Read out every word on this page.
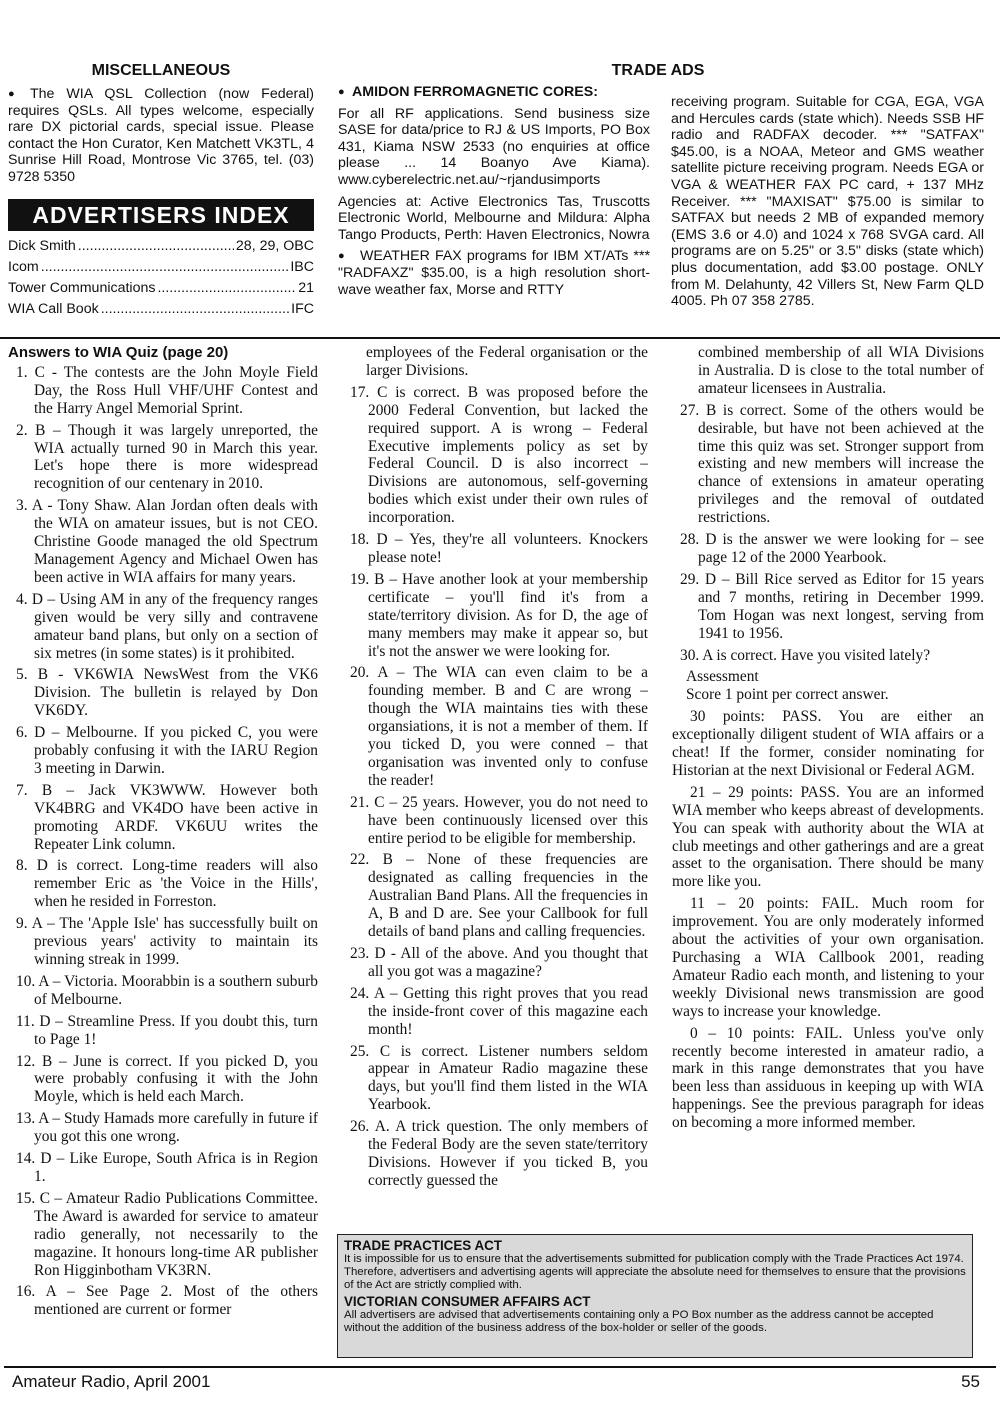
MISCELLANEOUS

● The WIA QSL Collection (now Federal) requires QSLs. All types welcome, especially rare DX pictorial cards, special issue. Please contact the Hon Curator, Ken Matchett VK3TL, 4 Sunrise Hill Road, Montrose Vic 3765, tel. (03) 9728 5350

ADVERTISERS INDEX
Dick Smith .....	28, 29, OBC
Icom .....	IBC
Tower Communications .....	21
WIA Call Book .....	IFC
TRADE ADS

● AMIDON FERROMAGNETIC CORES:

For all RF applications. Send business size SASE for data/price to RJ & US Imports, PO Box 431, Kiama NSW 2533 (no enquiries at office please ... 14 Boanyo Ave Kiama). www.cyberelectric.net.au/~rjandusimports

Agencies at: Active Electronics Tas, Truscotts Electronic World, Melbourne and Mildura: Alpha Tango Products, Perth: Haven Electronics, Nowra

● WEATHER FAX programs for IBM XT/ATs *** "RADFAXZ" $35.00, is a high resolution short-wave weather fax, Morse and RTTY

receiving program. Suitable for CGA, EGA, VGA and Hercules cards (state which). Needs SSB HF radio and RADFAX decoder. *** "SATFAX" $45.00, is a NOAA, Meteor and GMS weather satellite picture receiving program. Needs EGA or VGA & WEATHER FAX PC card, + 137 MHz Receiver. *** "MAXISAT" $75.00 is similar to SATFAX but needs 2 MB of expanded memory (EMS 3.6 or 4.0) and 1024 x 768 SVGA card. All programs are on 5.25" or 3.5" disks (state which) plus documentation, add $3.00 postage. ONLY from M. Delahunty, 42 Villers St, New Farm QLD 4005. Ph 07 358 2785.

Answers to WIA Quiz (page 20)

1. C - The contests are the John Moyle Field Day, the Ross Hull VHF/UHF Contest and the Harry Angel Memorial Sprint.

2. B – Though it was largely unreported, the WIA actually turned 90 in March this year. Let's hope there is more widespread recognition of our centenary in 2010.

3. A - Tony Shaw. Alan Jordan often deals with the WIA on amateur issues, but is not CEO. Christine Goode managed the old Spectrum Management Agency and Michael Owen has been active in WIA affairs for many years.

4. D – Using AM in any of the frequency ranges given would be very silly and contravene amateur band plans, but only on a section of six metres (in some states) is it prohibited.

5. B - VK6WIA NewsWest from the VK6 Division. The bulletin is relayed by Don VK6DY.

6. D – Melbourne. If you picked C, you were probably confusing it with the IARU Region 3 meeting in Darwin.

7. B – Jack VK3WWW. However both VK4BRG and VK4DO have been active in promoting ARDF. VK6UU writes the Repeater Link column.

8. D is correct. Long-time readers will also remember Eric as 'the Voice in the Hills', when he resided in Forreston.

9. A – The 'Apple Isle' has successfully built on previous years' activity to maintain its winning streak in 1999.

10. A – Victoria. Moorabbin is a southern suburb of Melbourne.

11. D – Streamline Press. If you doubt this, turn to Page 1!

12. B – June is correct. If you picked D, you were probably confusing it with the John Moyle, which is held each March.

13. A – Study Hamads more carefully in future if you got this one wrong.

14. D – Like Europe, South Africa is in Region 1.

15. C – Amateur Radio Publications Committee. The Award is awarded for service to amateur radio generally, not necessarily to the magazine. It honours long-time AR publisher Ron Higginbotham VK3RN.

16. A – See Page 2. Most of the others mentioned are current or former

employees of the Federal organisation or the larger Divisions.

17. C is correct. B was proposed before the 2000 Federal Convention, but lacked the required support. A is wrong – Federal Executive implements policy as set by Federal Council. D is also incorrect – Divisions are autonomous, self-governing bodies which exist under their own rules of incorporation.

18. D – Yes, they're all volunteers. Knockers please note!

19. B – Have another look at your membership certificate – you'll find it's from a state/territory division. As for D, the age of many members may make it appear so, but it's not the answer we were looking for.

20. A – The WIA can even claim to be a founding member. B and C are wrong – though the WIA maintains ties with these organsiations, it is not a member of them. If you ticked D, you were conned – that organisation was invented only to confuse the reader!

21. C – 25 years. However, you do not need to have been continuously licensed over this entire period to be eligible for membership.

22. B – None of these frequencies are designated as calling frequencies in the Australian Band Plans. All the frequencies in A, B and D are. See your Callbook for full details of band plans and calling frequencies.

23. D - All of the above. And you thought that all you got was a magazine?

24. A – Getting this right proves that you read the inside-front cover of this magazine each month!

25. C is correct. Listener numbers seldom appear in Amateur Radio magazine these days, but you'll find them listed in the WIA Yearbook.

26. A. A trick question. The only members of the Federal Body are the seven state/territory Divisions. However if you ticked B, you correctly guessed the

combined membership of all WIA Divisions in Australia. D is close to the total number of amateur licensees in Australia.

27. B is correct. Some of the others would be desirable, but have not been achieved at the time this quiz was set. Stronger support from existing and new members will increase the chance of extensions in amateur operating privileges and the removal of outdated restrictions.

28. D is the answer we were looking for – see page 12 of the 2000 Yearbook.

29. D – Bill Rice served as Editor for 15 years and 7 months, retiring in December 1999. Tom Hogan was next longest, serving from 1941 to 1956.

30. A is correct. Have you visited lately?

Assessment

Score 1 point per correct answer.

30 points: PASS. You are either an exceptionally diligent student of WIA affairs or a cheat! If the former, consider nominating for Historian at the next Divisional or Federal AGM.

21 – 29 points: PASS. You are an informed WIA member who keeps abreast of developments. You can speak with authority about the WIA at club meetings and other gatherings and are a great asset to the organisation. There should be many more like you.

11 – 20 points: FAIL. Much room for improvement. You are only moderately informed about the activities of your own organisation. Purchasing a WIA Callbook 2001, reading Amateur Radio each month, and listening to your weekly Divisional news transmission are good ways to increase your knowledge.

0 – 10 points: FAIL. Unless you've only recently become interested in amateur radio, a mark in this range demonstrates that you have been less than assiduous in keeping up with WIA happenings. See the previous paragraph for ideas on becoming a more informed member.

TRADE PRACTICES ACT

It is impossible for us to ensure that the advertisements submitted for publication comply with the Trade Practices Act 1974. Therefore, advertisers and advertising agents will appreciate the absolute need for themselves to ensure that the provisions of the Act are strictly complied with.

VICTORIAN CONSUMER AFFAIRS ACT

All advertisers are advised that advertisements containing only a PO Box number as the address cannot be accepted without the addition of the business address of the box-holder or seller of the goods.

Amateur Radio, April 2001	55
